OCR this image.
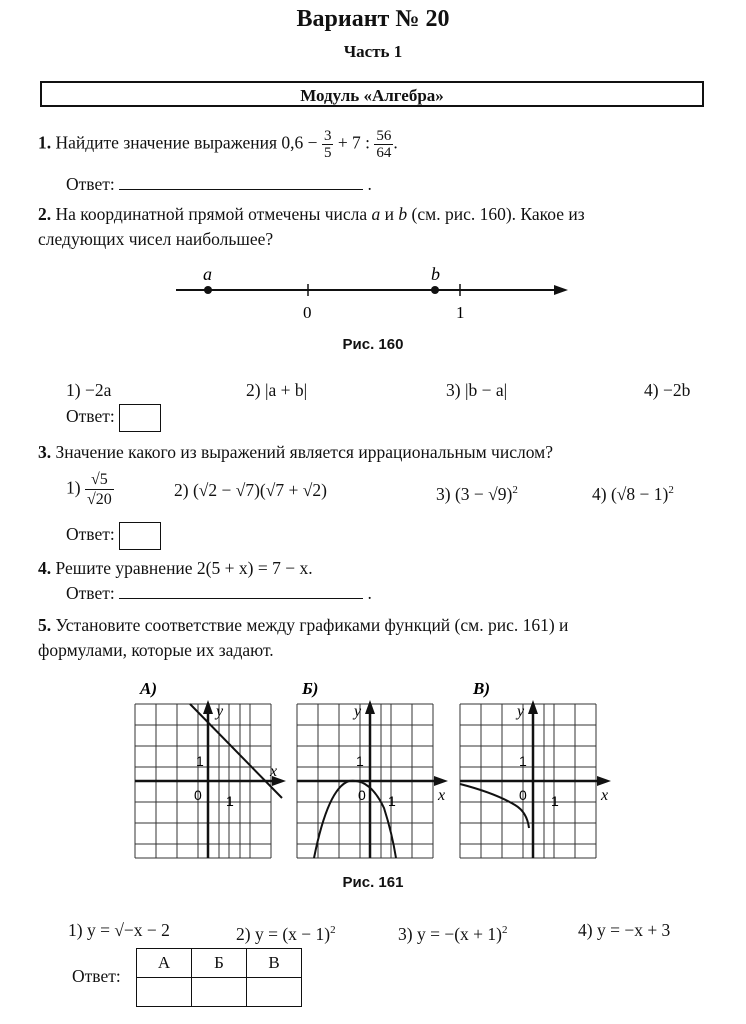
Вариант № 20
Часть 1
Модуль «Алгебра»
1. Найдите значение выражения $0,6 - \frac{3}{5} + 7$ : $\frac{56}{64}$ .
Ответ:	.
2. На координатной прямой отмечены числа a и b (см. рис. 160). Какое из
следующих чисел наибольшее?
a	b
0	1
Рис. 160
1) −2a	2) |a + b|	3) |b − a|	4) −2b
Ответ:
3. Значение какого из выражений является иррациональным числом?
$1) \frac{√5}{√20}$	2) (√2 − √7)(√7 + √2)	3) $(3 - √9)^2$	4) $(√8 - 1)^2$
Ответ:
4. Решите уравнение 2(5 + x) = 7 − x.
Ответ:	.
5. Установите соответствие между графиками функций (см. рис. 161) и
формулами, которые их задают.
А)
y
x
0 1
1
Б)
y
x
0 1
1
В)
y
x
0 1
1
Рис. 161
1) y = √−x − 2	2) $y = (x - 1)^2$	3) $y = -(x + 1)^2$	4) y = −x + 3
Ответ:
А	Б	В
